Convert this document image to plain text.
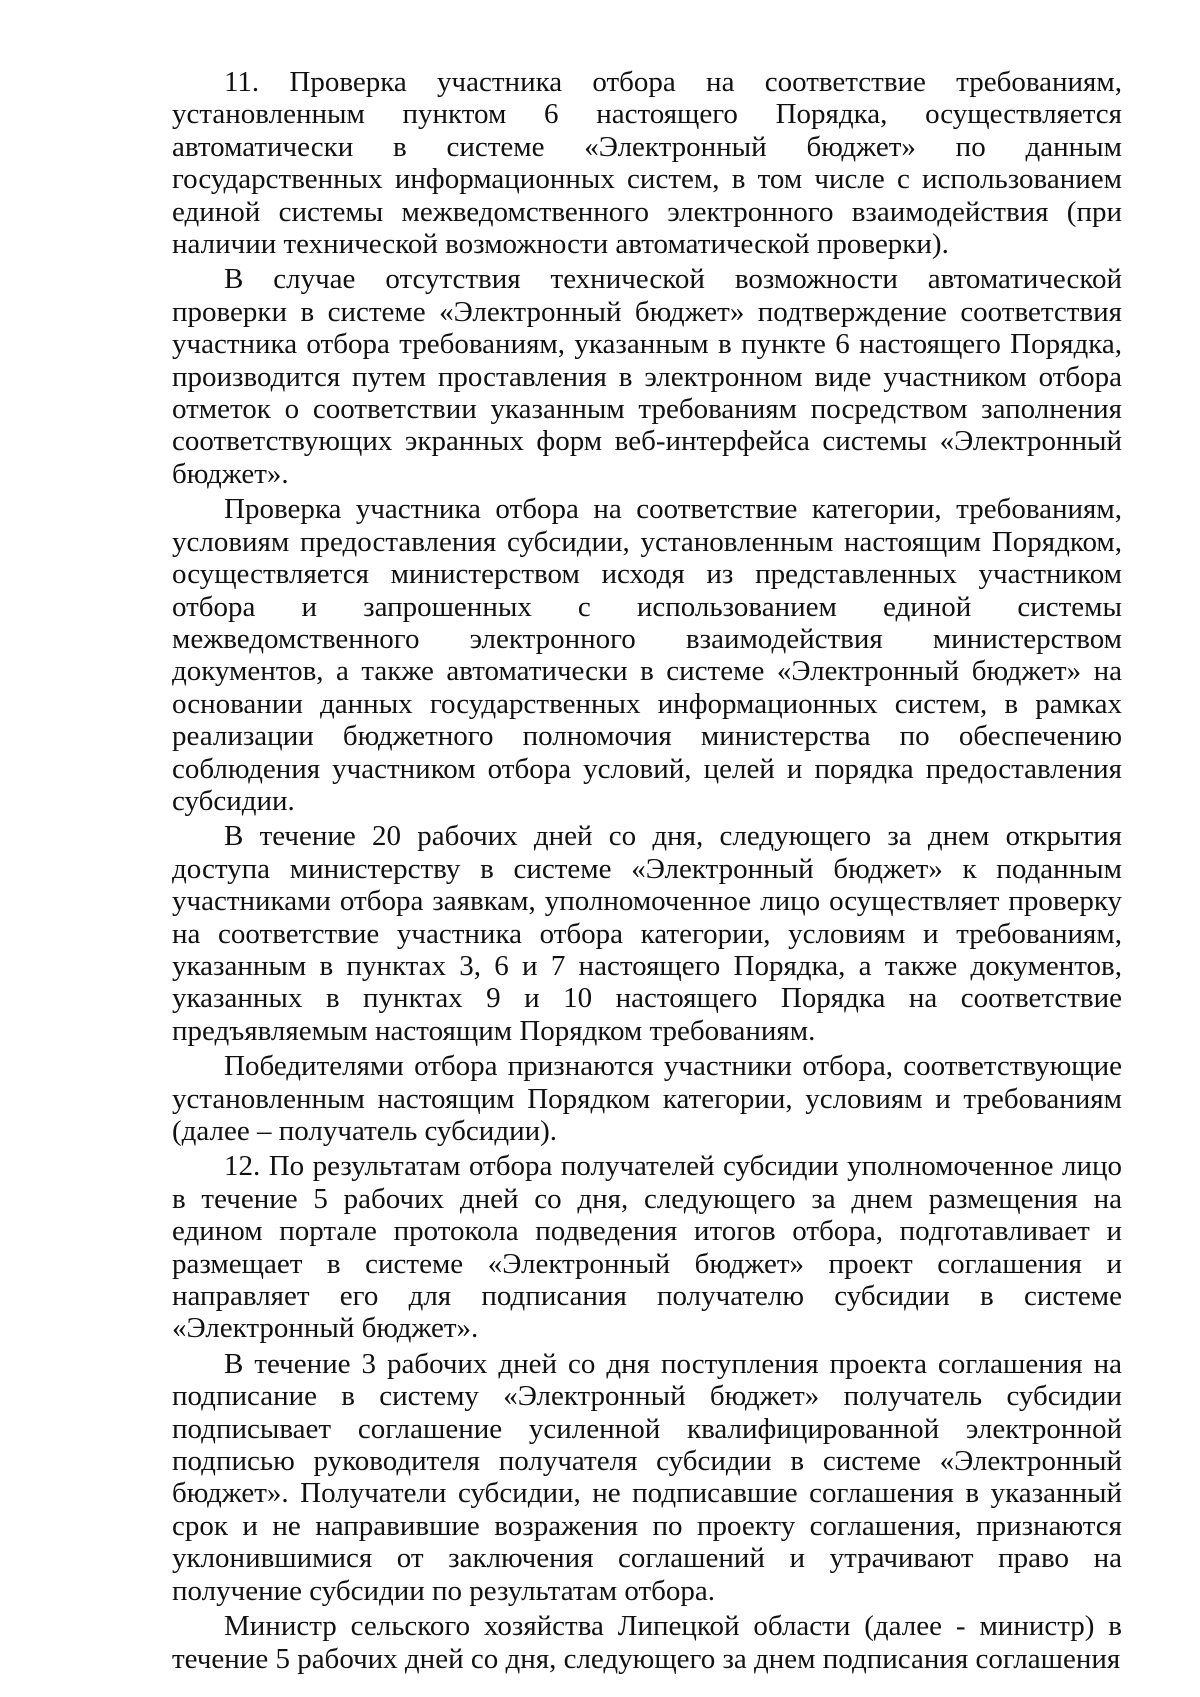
11. Проверка участника отбора на соответствие требованиям, установленным пунктом 6 настоящего Порядка, осуществляется автоматически в системе «Электронный бюджет» по данным государственных информационных систем, в том числе с использованием единой системы межведомственного электронного взаимодействия (при наличии технической возможности автоматической проверки).

В случае отсутствия технической возможности автоматической проверки в системе «Электронный бюджет» подтверждение соответствия участника отбора требованиям, указанным в пункте 6 настоящего Порядка, производится путем проставления в электронном виде участником отбора отметок о соответствии указанным требованиям посредством заполнения соответствующих экранных форм веб-интерфейса системы «Электронный бюджет».

Проверка участника отбора на соответствие категории, требованиям, условиям предоставления субсидии, установленным настоящим Порядком, осуществляется министерством исходя из представленных участником отбора и запрошенных с использованием единой системы межведомственного электронного взаимодействия министерством документов, а также автоматически в системе «Электронный бюджет» на основании данных государственных информационных систем, в рамках реализации бюджетного полномочия министерства по обеспечению соблюдения участником отбора условий, целей и порядка предоставления субсидии.

В течение 20 рабочих дней со дня, следующего за днем открытия доступа министерству в системе «Электронный бюджет» к поданным участниками отбора заявкам, уполномоченное лицо осуществляет проверку на соответствие участника отбора категории, условиям и требованиям, указанным в пунктах 3, 6 и 7 настоящего Порядка, а также документов, указанных в пунктах 9 и 10 настоящего Порядка на соответствие предъявляемым настоящим Порядком требованиям.

Победителями отбора признаются участники отбора, соответствующие установленным настоящим Порядком категории, условиям и требованиям (далее – получатель субсидии).

12. По результатам отбора получателей субсидии уполномоченное лицо в течение 5 рабочих дней со дня, следующего за днем размещения на едином портале протокола подведения итогов отбора, подготавливает и размещает в системе «Электронный бюджет» проект соглашения и направляет его для подписания получателю субсидии в системе «Электронный бюджет».

В течение 3 рабочих дней со дня поступления проекта соглашения на подписание в систему «Электронный бюджет» получатель субсидии подписывает соглашение усиленной квалифицированной электронной подписью руководителя получателя субсидии в системе «Электронный бюджет». Получатели субсидии, не подписавшие соглашения в указанный срок и не направившие возражения по проекту соглашения, признаются уклонившимися от заключения соглашений и утрачивают право на получение субсидии по результатам отбора.

Министр сельского хозяйства Липецкой области (далее - министр) в течение 5 рабочих дней со дня, следующего за днем подписания соглашения
